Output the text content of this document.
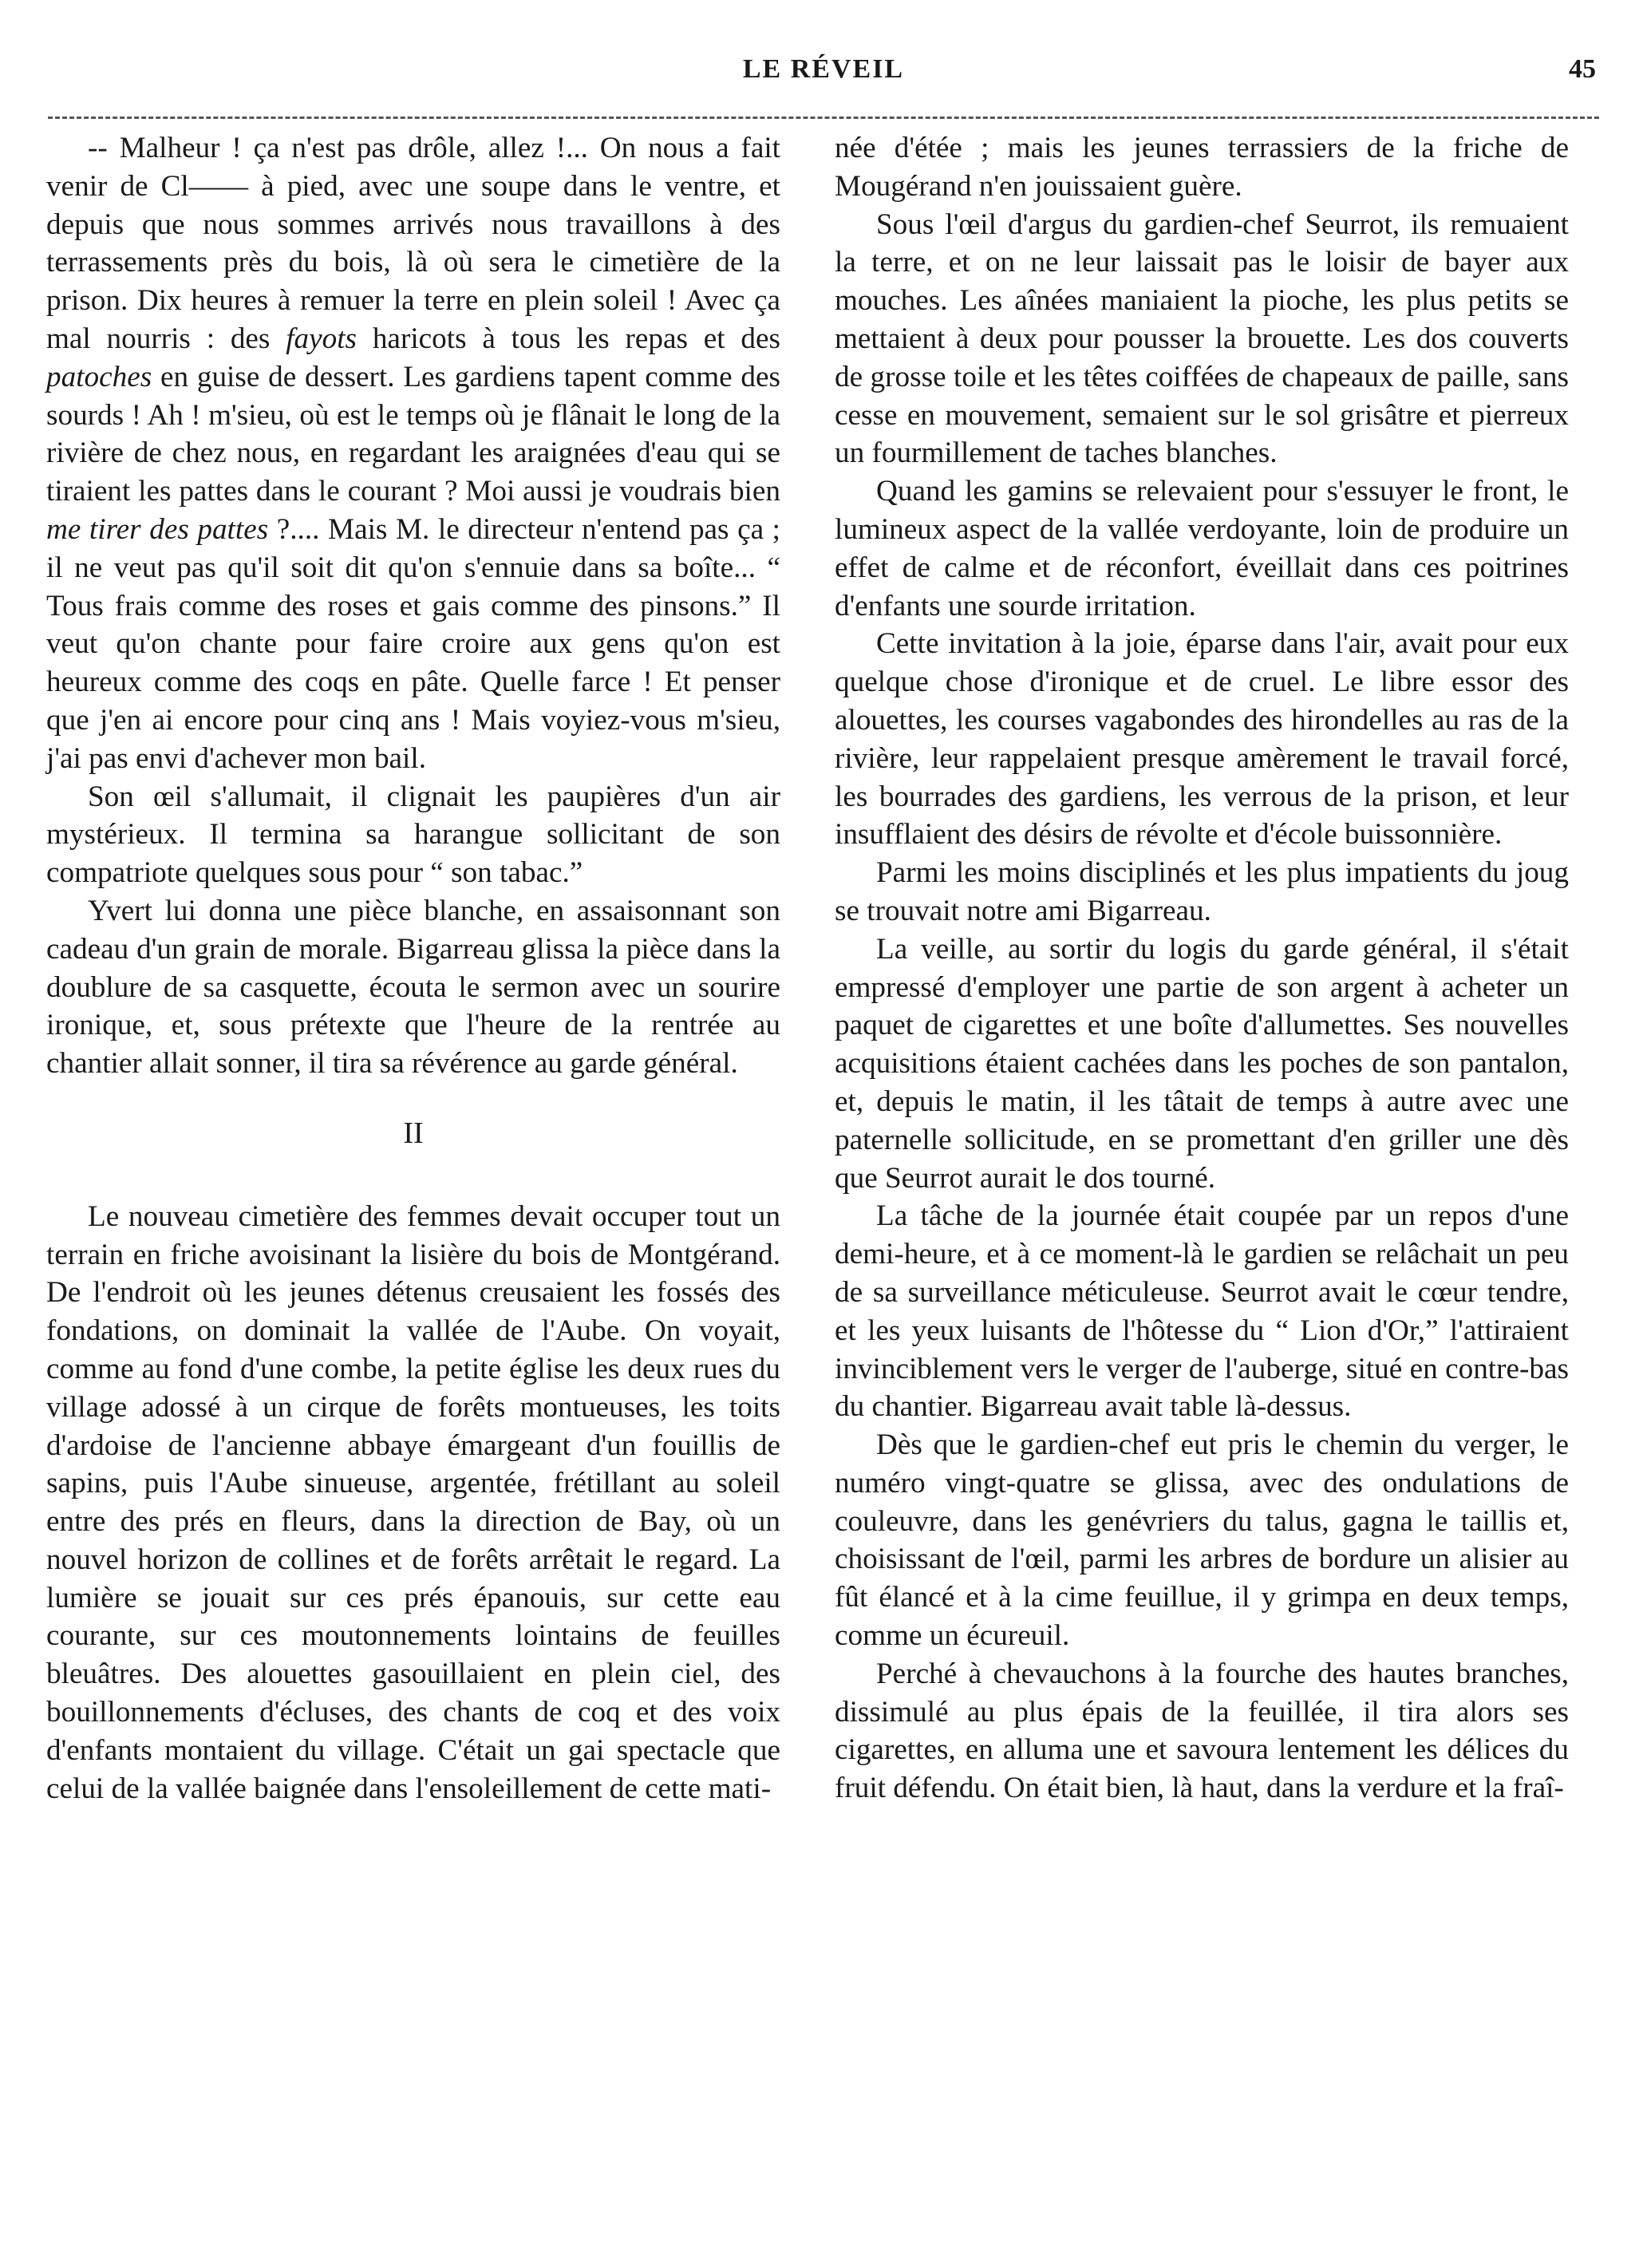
LE RÉVEIL	45

-- Malheur ! ça n'est pas drôle, allez !... On nous a fait venir de Cl—— à pied, avec une soupe dans le ventre, et depuis que nous sommes arrivés nous travaillons à des terrassements près du bois, là où sera le cimetière de la prison. Dix heures à remuer la terre en plein soleil ! Avec ça mal nourris : des fayots haricots à tous les repas et des patoches en guise de dessert. Les gardiens tapent comme des sourds ! Ah ! m'sieu, où est le temps où je flânait le long de la rivière de chez nous, en regardant les araignées d'eau qui se tiraient les pattes dans le courant ? Moi aussi je voudrais bien me tirer des pattes ?.... Mais M. le directeur n'entend pas ça ; il ne veut pas qu'il soit dit qu'on s'ennuie dans sa boîte... “ Tous frais comme des roses et gais comme des pinsons.” Il veut qu'on chante pour faire croire aux gens qu'on est heureux comme des coqs en pâte. Quelle farce ! Et penser que j'en ai encore pour cinq ans ! Mais voyiez-vous m'sieu, j'ai pas envi d'achever mon bail.

Son œil s'allumait, il clignait les paupières d'un air mystérieux. Il termina sa harangue sollicitant de son compatriote quelques sous pour “ son tabac.”

Yvert lui donna une pièce blanche, en assaisonnant son cadeau d'un grain de morale. Bigarreau glissa la pièce dans la doublure de sa casquette, écouta le sermon avec un sourire ironique, et, sous prétexte que l'heure de la rentrée au chantier allait sonner, il tira sa révérence au garde général.

II

Le nouveau cimetière des femmes devait occuper tout un terrain en friche avoisinant la lisière du bois de Montgérand. De l'endroit où les jeunes détenus creusaient les fossés des fondations, on dominait la vallée de l'Aube. On voyait, comme au fond d'une combe, la petite église les deux rues du village adossé à un cirque de forêts montueuses, les toits d'ardoise de l'ancienne abbaye émargeant d'un fouillis de sapins, puis l'Aube sinueuse, argentée, frétillant au soleil entre des prés en fleurs, dans la direction de Bay, où un nouvel horizon de collines et de forêts arrêtait le regard. La lumière se jouait sur ces prés épanouis, sur cette eau courante, sur ces moutonnements lointains de feuilles bleuâtres. Des alouettes gasouillaient en plein ciel, des bouillonnements d'écluses, des chants de coq et des voix d'enfants montaient du village. C'était un gai spectacle que celui de la vallée baignée dans l'ensoleillement de cette mati-

née d'étée ; mais les jeunes terrassiers de la friche de Mougérand n'en jouissaient guère.

Sous l'œil d'argus du gardien-chef Seurrot, ils remuaient la terre, et on ne leur laissait pas le loisir de bayer aux mouches. Les aînées maniaient la pioche, les plus petits se mettaient à deux pour pousser la brouette. Les dos couverts de grosse toile et les têtes coiffées de chapeaux de paille, sans cesse en mouvement, semaient sur le sol grisâtre et pierreux un fourmillement de taches blanches.

Quand les gamins se relevaient pour s'essuyer le front, le lumineux aspect de la vallée verdoyante, loin de produire un effet de calme et de réconfort, éveillait dans ces poitrines d'enfants une sourde irritation.

Cette invitation à la joie, éparse dans l'air, avait pour eux quelque chose d'ironique et de cruel. Le libre essor des alouettes, les courses vagabondes des hirondelles au ras de la rivière, leur rappelaient presque amèrement le travail forcé, les bourrades des gardiens, les verrous de la prison, et leur insufflaient des désirs de révolte et d'école buissonnière.

Parmi les moins disciplinés et les plus impatients du joug se trouvait notre ami Bigarreau.

La veille, au sortir du logis du garde général, il s'était empressé d'employer une partie de son argent à acheter un paquet de cigarettes et une boîte d'allumettes. Ses nouvelles acquisitions étaient cachées dans les poches de son pantalon, et, depuis le matin, il les tâtait de temps à autre avec une paternelle sollicitude, en se promettant d'en griller une dès que Seurrot aurait le dos tourné.

La tâche de la journée était coupée par un repos d'une demi-heure, et à ce moment-là le gardien se relâchait un peu de sa surveillance méticuleuse. Seurrot avait le cœur tendre, et les yeux luisants de l'hôtesse du “ Lion d'Or,” l'attiraient invinciblement vers le verger de l'auberge, situé en contre-bas du chantier. Bigarreau avait table là-dessus.

Dès que le gardien-chef eut pris le chemin du verger, le numéro vingt-quatre se glissa, avec des ondulations de couleuvre, dans les genévriers du talus, gagna le taillis et, choisissant de l'œil, parmi les arbres de bordure un alisier au fût élancé et à la cime feuillue, il y grimpa en deux temps, comme un écureuil.

Perché à chevauchons à la fourche des hautes branches, dissimulé au plus épais de la feuillée, il tira alors ses cigarettes, en alluma une et savoura lentement les délices du fruit défendu. On était bien, là haut, dans la verdure et la fraî-
